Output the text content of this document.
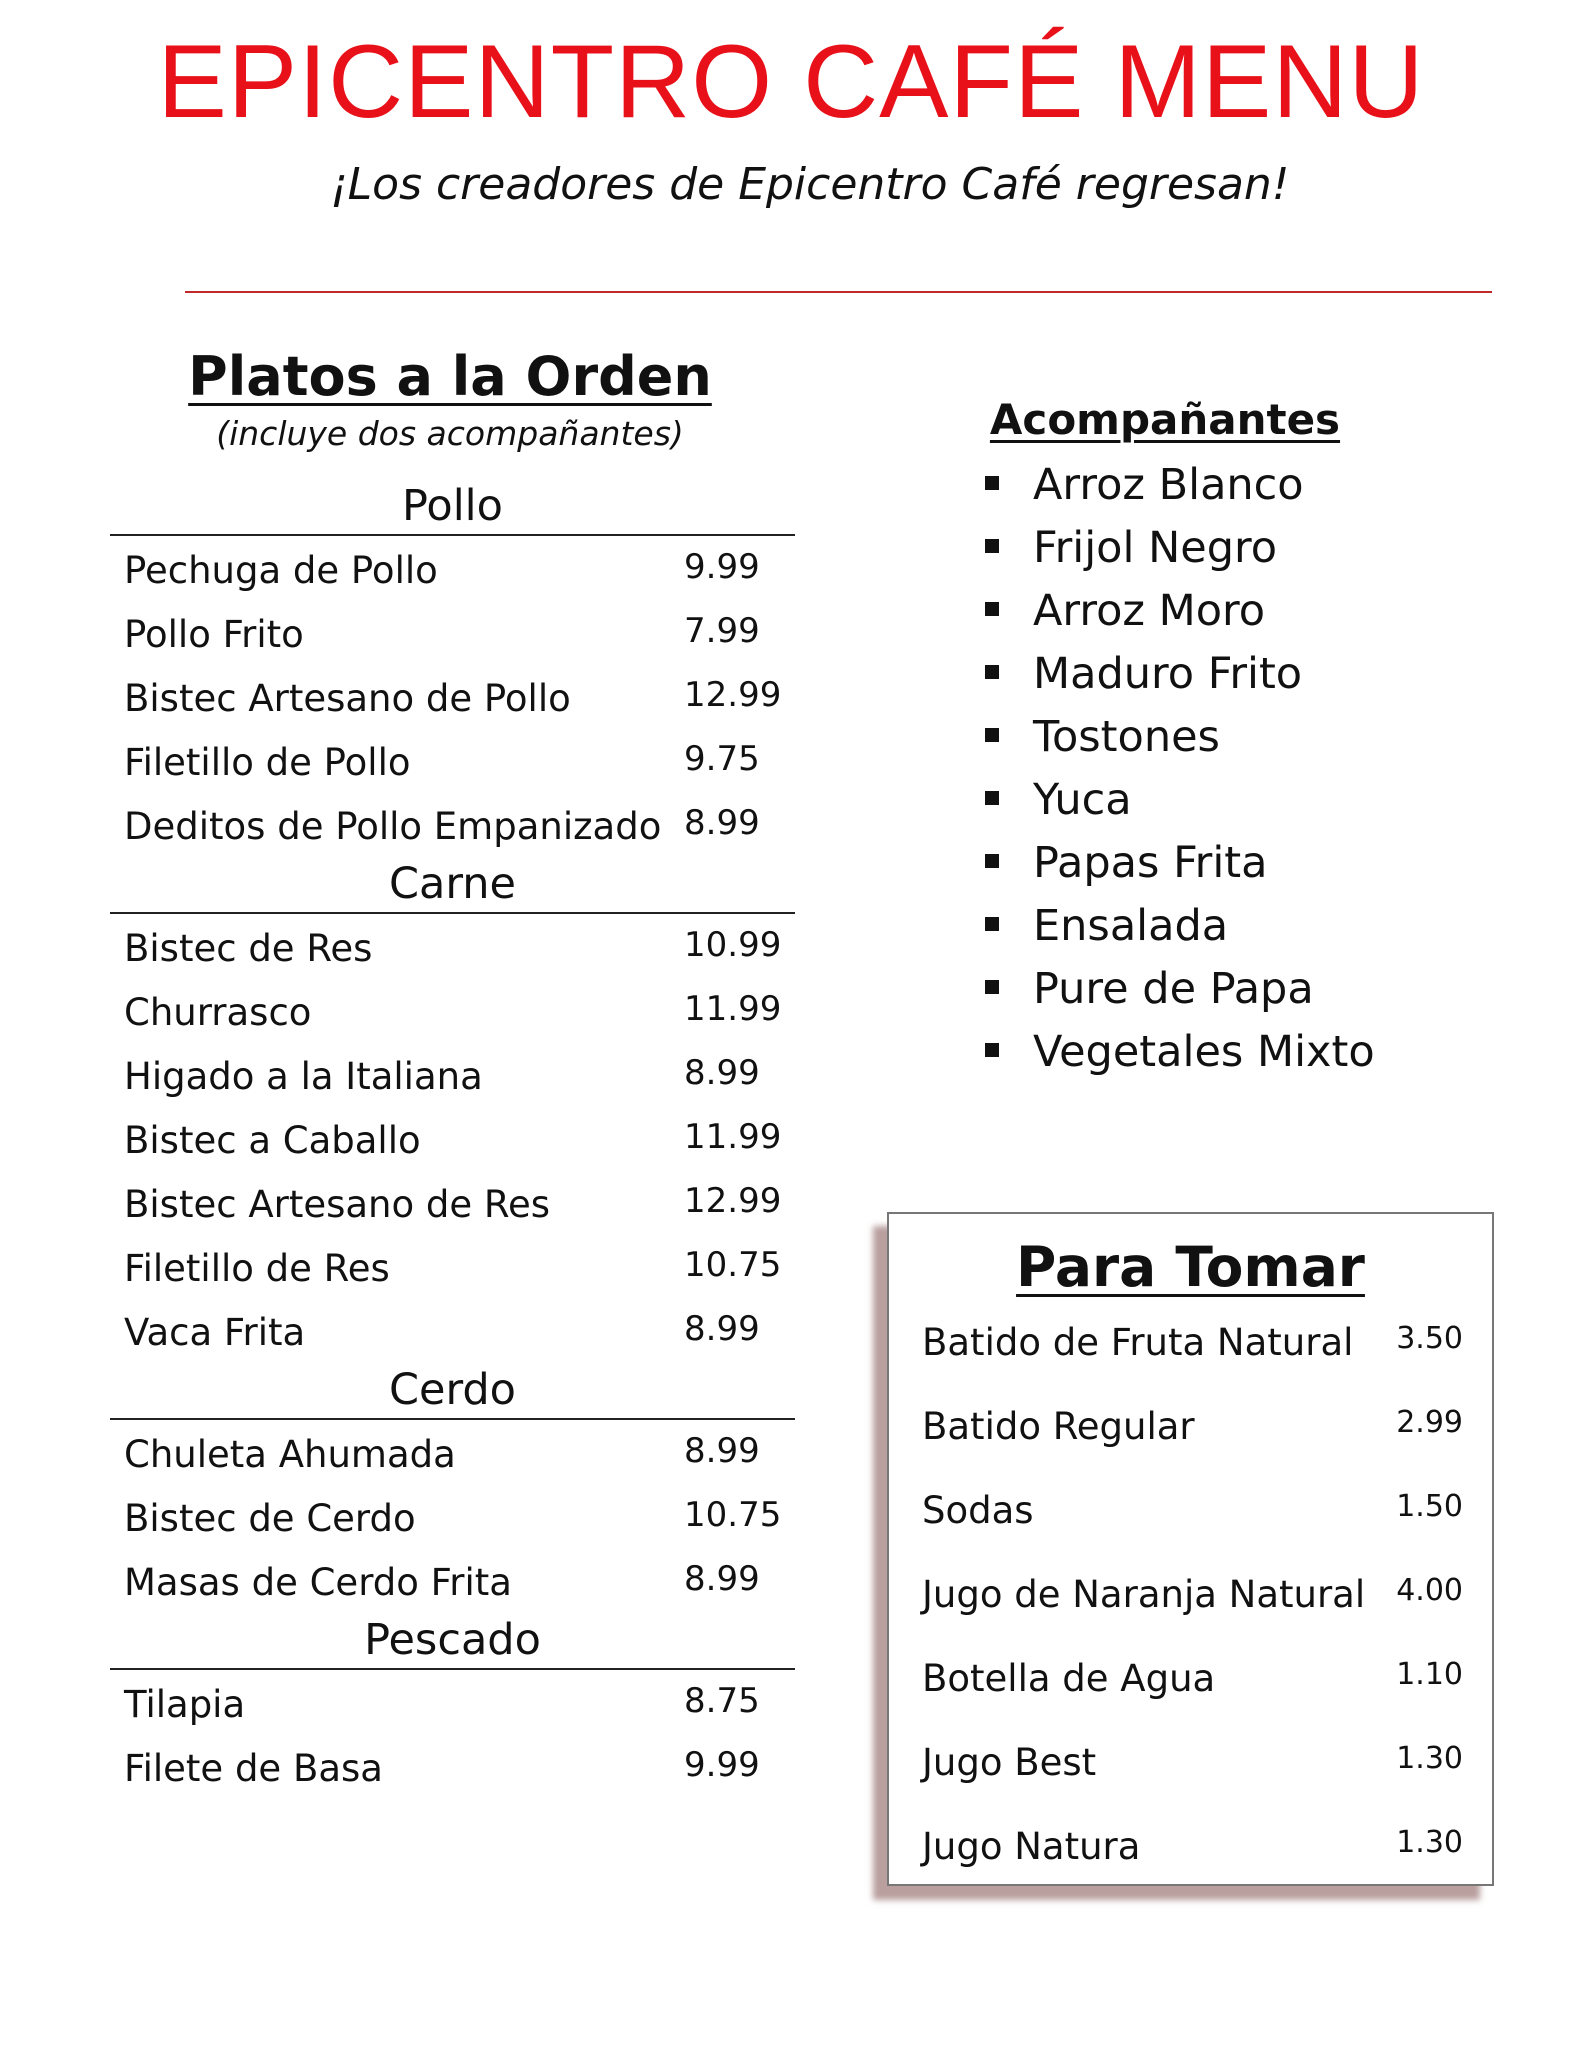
EPICENTRO CAFÉ MENU
¡Los creadores de Epicentro Café regresan!
Platos a la Orden
(incluye dos acompañantes)
Pollo
Pechuga de Pollo	9.99
Pollo Frito	7.99
Bistec Artesano de Pollo	12.99
Filetillo de Pollo	9.75
Deditos de Pollo Empanizado 8.99
Carne
Bistec de Res	10.99
Churrasco	11.99
Higado a la Italiana	8.99
Bistec a Caballo	11.99
Bistec Artesano de Res	12.99
Filetillo de Res	10.75
Vaca Frita	8.99
Cerdo
Chuleta Ahumada	8.99
Bistec de Cerdo	10.75
Masas de Cerdo Frita	8.99
Pescado
Tilapia	8.75
Filete de Basa	9.99
Acompañantes
Arroz Blanco
Frijol Negro
Arroz Moro
Maduro Frito
Tostones
Yuca
Papas Frita
Ensalada
Pure de Papa
Vegetales Mixto
Para Tomar
Batido de Fruta Natural 3.50
Batido Regular	2.99
Sodas	1.50
Jugo de Naranja Natural 4.00
Botella de Agua	1.10
Jugo Best	1.30
Jugo Natura	1.30
